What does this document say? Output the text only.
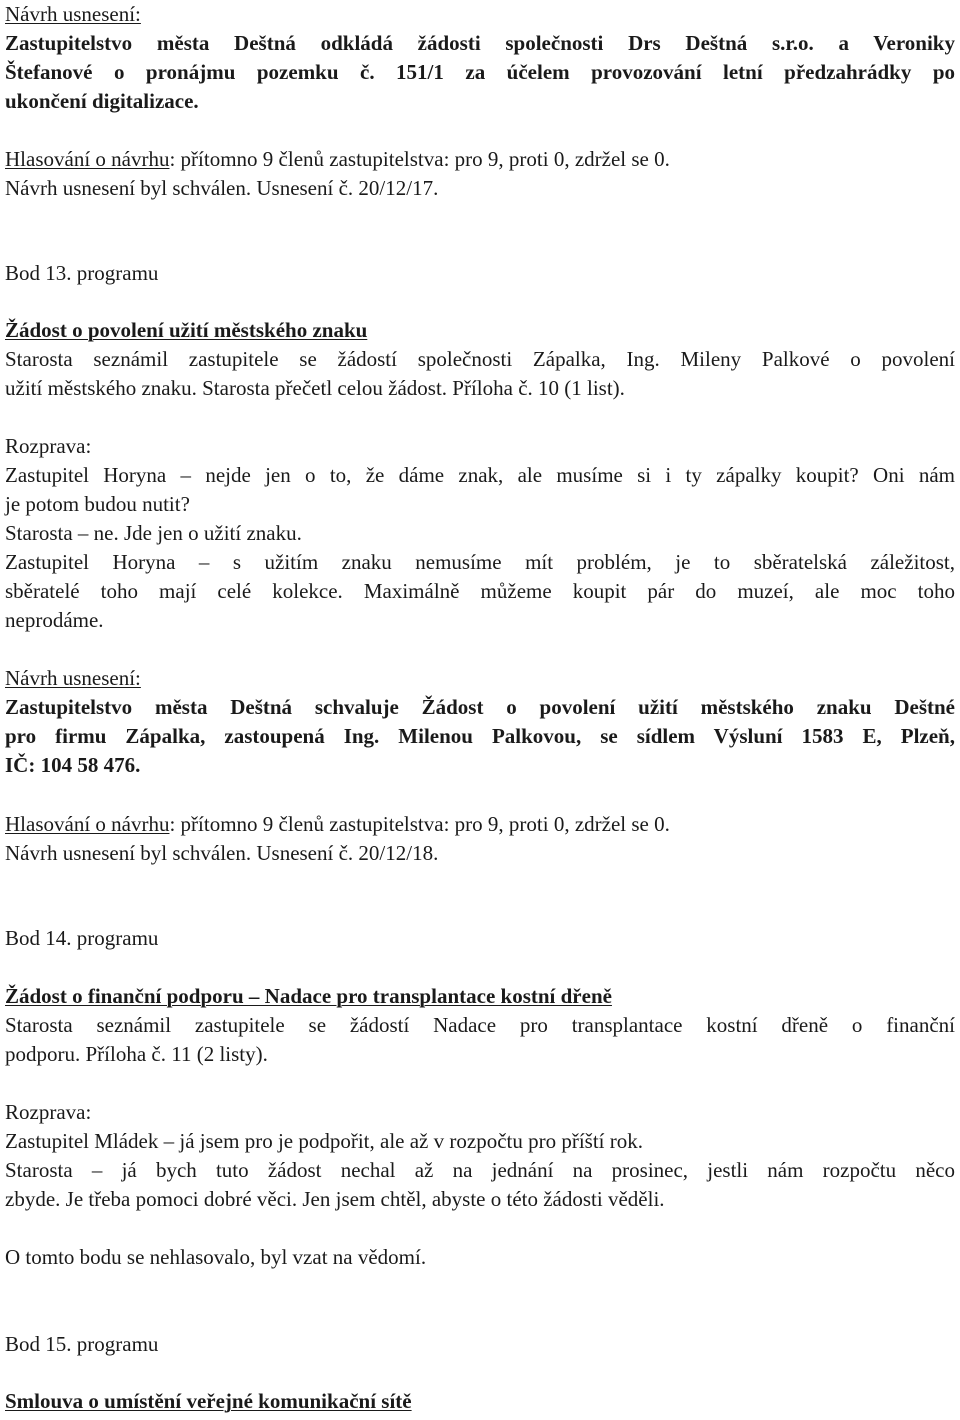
Návrh usnesení:
Zastupitelstvo města Deštná odkládá žádosti společnosti Drs Deštná s.r.o. a Veroniky
Štefanové o pronájmu pozemku č. 151/1 za účelem provozování letní předzahrádky po
ukončení digitalizace.
Hlasování o návrhu: přítomno 9 členů zastupitelstva: pro 9, proti 0, zdržel se 0.
Návrh usnesení byl schválen. Usnesení č. 20/12/17.
Bod 13. programu
Žádost o povolení užití městského znaku
Starosta seznámil zastupitele se žádostí společnosti Zápalka, Ing. Mileny Palkové o povolení
užití městského znaku. Starosta přečetl celou žádost. Příloha č. 10 (1 list).
Rozprava:
Zastupitel Horyna – nejde jen o to, že dáme znak, ale musíme si i ty zápalky koupit? Oni nám
je potom budou nutit?
Starosta – ne. Jde jen o užití znaku.
Zastupitel Horyna – s užitím znaku nemusíme mít problém, je to sběratelská záležitost,
sběratelé toho mají celé kolekce. Maximálně můžeme koupit pár do muzeí, ale moc toho
neprodáme.
Návrh usnesení:
Zastupitelstvo města Deštná schvaluje Žádost o povolení užití městského znaku Deštné
pro firmu Zápalka, zastoupená Ing. Milenou Palkovou, se sídlem Výsluní 1583 E, Plzeň,
IČ: 104 58 476.
Hlasování o návrhu: přítomno 9 členů zastupitelstva: pro 9, proti 0, zdržel se 0.
Návrh usnesení byl schválen. Usnesení č. 20/12/18.
Bod 14. programu
Žádost o finanční podporu – Nadace pro transplantace kostní dřeně
Starosta seznámil zastupitele se žádostí Nadace pro transplantace kostní dřeně o finanční
podporu. Příloha č. 11 (2 listy).
Rozprava:
Zastupitel Mládek – já jsem pro je podpořit, ale až v rozpočtu pro příští rok.
Starosta – já bych tuto žádost nechal až na jednání na prosinec, jestli nám rozpočtu něco
zbyde. Je třeba pomoci dobré věci. Jen jsem chtěl, abyste o této žádosti věděli.
O tomto bodu se nehlasovalo, byl vzat na vědomí.
Bod 15. programu
Smlouva o umístění veřejné komunikační sítě
